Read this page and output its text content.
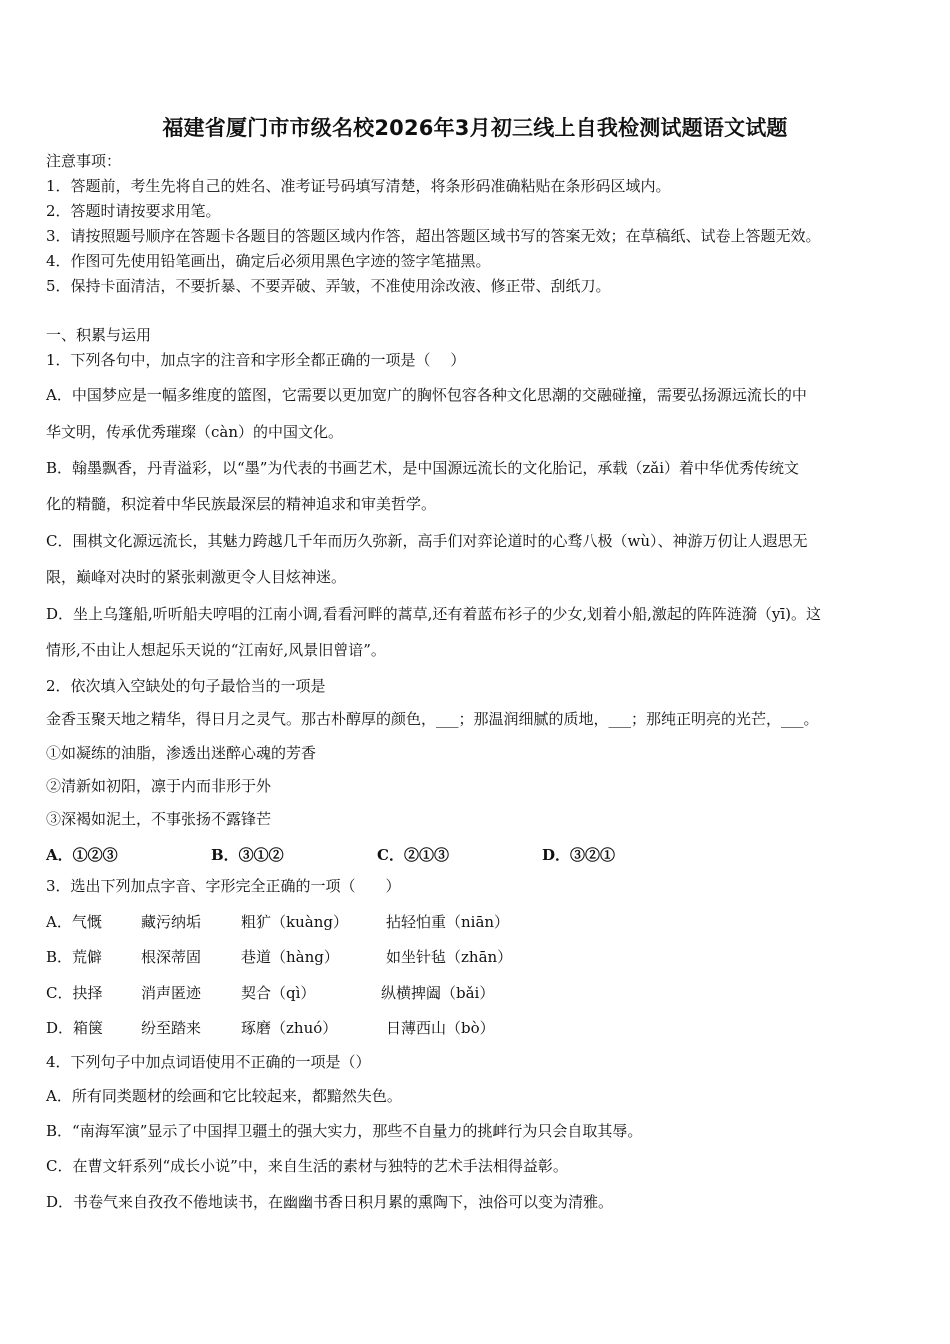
福建省厦门市市级名校2026年3月初三线上自我检测试题语文试题
注意事项：
1．答题前，考生先将自己的姓名、准考证号码填写清楚，将条形码准确粘贴在条形码区域内。
2．答题时请按要求用笔。
3．请按照题号顺序在答题卡各题目的答题区域内作答，超出答题区域书写的答案无效；在草稿纸、试卷上答题无效。
4．作图可先使用铅笔画出，确定后必须用黑色字迹的签字笔描黑。
5．保持卡面清洁，不要折暴、不要弄破、弄皱，不准使用涂改液、修正带、刮纸刀。
一、积累与运用
1．下列各句中，加点字的注音和字形全都正确的一项是（　 ）
A．中国梦应是一幅多维度的篮图，它需要以更加宽广的胸怀包容各种文化思潮的交融碰撞，需要弘扬源远流长的中
华文明，传承优秀璀璨（càn）的中国文化。
B．翰墨飘香，丹青溢彩，以“墨”为代表的书画艺术，是中国源远流长的文化胎记，承载（zǎi）着中华优秀传统文
化的精髓，积淀着中华民族最深层的精神追求和审美哲学。
C．围棋文化源远流长，其魅力跨越几千年而历久弥新，高手们对弈论道时的心骛八极（wù）、神游万仞让人遐思无
限，巅峰对决时的紧张刺激更令人目炫神迷。
D．坐上乌篷船,听听船夫哼唱的江南小调,看看河畔的蒿草,还有着蓝布衫子的少女,划着小船,激起的阵阵涟漪（yī)。这
情形,不由让人想起乐天说的“江南好,风景旧曾谙”。
2．依次填入空缺处的句子最恰当的一项是
金香玉聚天地之精华，得日月之灵气。那古朴醇厚的颜色，___；那温润细腻的质地，___；那纯正明亮的光芒，___。
①如凝练的油脂，渗透出迷醉心魂的芳香
②清新如初阳，凛于内而非形于外
③深褐如泥土，不事张扬不露锋芒
A．①②③	B．③①②	C．②①③	D．③②①
3．选出下列加点字音、字形完全正确的一项（　　）
A．气慨	藏污纳垢	粗犷（kuàng）	拈轻怕重（niān）
B．荒僻	根深蒂固	巷道（hàng）	如坐针毡（zhān）
C．抉择	消声匿迹	契合（qì）	纵横捭阖（bǎi）
D．箱箧	纷至踏来	琢磨（zhuó）	日薄西山（bò）
4．下列句子中加点词语使用不正确的一项是（）
A．所有同类题材的绘画和它比较起来，都黯然失色。
B．“南海军演”显示了中国捍卫疆土的强大实力，那些不自量力的挑衅行为只会自取其辱。
C．在曹文轩系列“成长小说”中，来自生活的素材与独特的艺术手法相得益彰。
D．书卷气来自孜孜不倦地读书，在幽幽书香日积月累的熏陶下，浊俗可以变为清雅。
